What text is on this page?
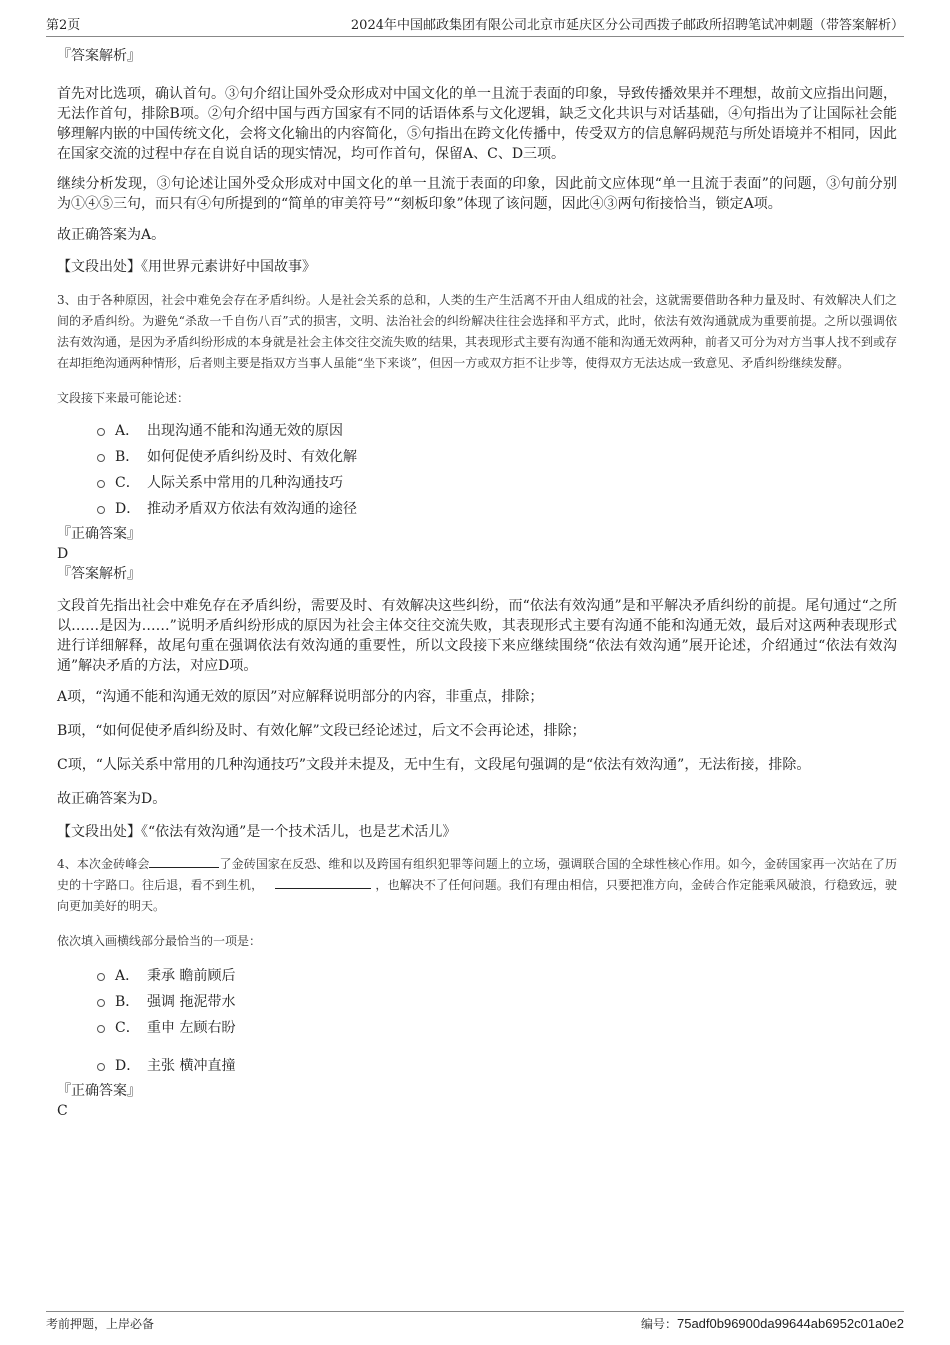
第2页	2024年中国邮政集团有限公司北京市延庆区分公司西拨子邮政所招聘笔试冲刺题（带答案解析）

『答案解析』

首先对比选项，确认首句。③句介绍让国外受众形成对中国文化的单一且流于表面的印象，导致传播效果并不理想，故前文应指出问题，无法作首句，排除B项。②句介绍中国与西方国家有不同的话语体系与文化逻辑，缺乏文化共识与对话基础，④句指出为了让国际社会能够理解内嵌的中国传统文化，会将文化输出的内容简化，⑤句指出在跨文化传播中，传受双方的信息解码规范与所处语境并不相同，因此在国家交流的过程中存在自说自话的现实情况，均可作首句，保留A、C、D三项。

继续分析发现，③句论述让国外受众形成对中国文化的单一且流于表面的印象，因此前文应体现“单一且流于表面”的问题，③句前分别为①④⑤三句，而只有④句所提到的“简单的审美符号”“刻板印象”体现了该问题，因此④③两句衔接恰当，锁定A项。

故正确答案为A。

【文段出处】《用世界元素讲好中国故事》

3、由于各种原因，社会中难免会存在矛盾纠纷。人是社会关系的总和，人类的生产生活离不开由人组成的社会，这就需要借助各种力量及时、有效解决人们之间的矛盾纠纷。为避免“杀敌一千自伤八百”式的损害，文明、法治社会的纠纷解决往往会选择和平方式，此时，依法有效沟通就成为重要前提。之所以强调依法有效沟通，是因为矛盾纠纷形成的本身就是社会主体交往交流失败的结果，其表现形式主要有沟通不能和沟通无效两种，前者又可分为对方当事人找不到或存在却拒绝沟通两种情形，后者则主要是指双方当事人虽能“坐下来谈”，但因一方或双方拒不让步等，使得双方无法达成一致意见、矛盾纠纷继续发酵。

文段接下来最可能论述：

A． 出现沟通不能和沟通无效的原因
B． 如何促使矛盾纠纷及时、有效化解
C． 人际关系中常用的几种沟通技巧
D． 推动矛盾双方依法有效沟通的途径

『正确答案』

D

『答案解析』

文段首先指出社会中难免存在矛盾纠纷，需要及时、有效解决这些纠纷，而“依法有效沟通”是和平解决矛盾纠纷的前提。尾句通过“之所以……是因为……”说明矛盾纠纷形成的原因为社会主体交往交流失败，其表现形式主要有沟通不能和沟通无效，最后对这两种表现形式进行详细解释，故尾句重在强调依法有效沟通的重要性，所以文段接下来应继续围绕“依法有效沟通”展开论述，介绍通过“依法有效沟通”解决矛盾的方法，对应D项。

A项，“沟通不能和沟通无效的原因”对应解释说明部分的内容，非重点，排除；

B项，“如何促使矛盾纠纷及时、有效化解”文段已经论述过，后文不会再论述，排除；

C项，“人际关系中常用的几种沟通技巧”文段并未提及，无中生有，文段尾句强调的是“依法有效沟通”，无法衔接，排除。

故正确答案为D。

【文段出处】《“依法有效沟通”是一个技术活儿，也是艺术活儿》

4、本次金砖峰会	了金砖国家在反恐、维和以及跨国有组织犯罪等问题上的立场，强调联合国的全球性核心作用。如今，金砖国家再一次站在了历史的十字路口。往后退，看不到生机，	，也解决不了任何问题。我们有理由相信，只要把准方向，金砖合作定能乘风破浪，行稳致远，驶向更加美好的明天。

依次填入画横线部分最恰当的一项是：

A． 秉承 瞻前顾后
B． 强调 拖泥带水
C． 重申 左顾右盼
D． 主张 横冲直撞

『正确答案』

C

考前押题，上岸必备	编号：75adf0b96900da99644ab6952c01a0e2
